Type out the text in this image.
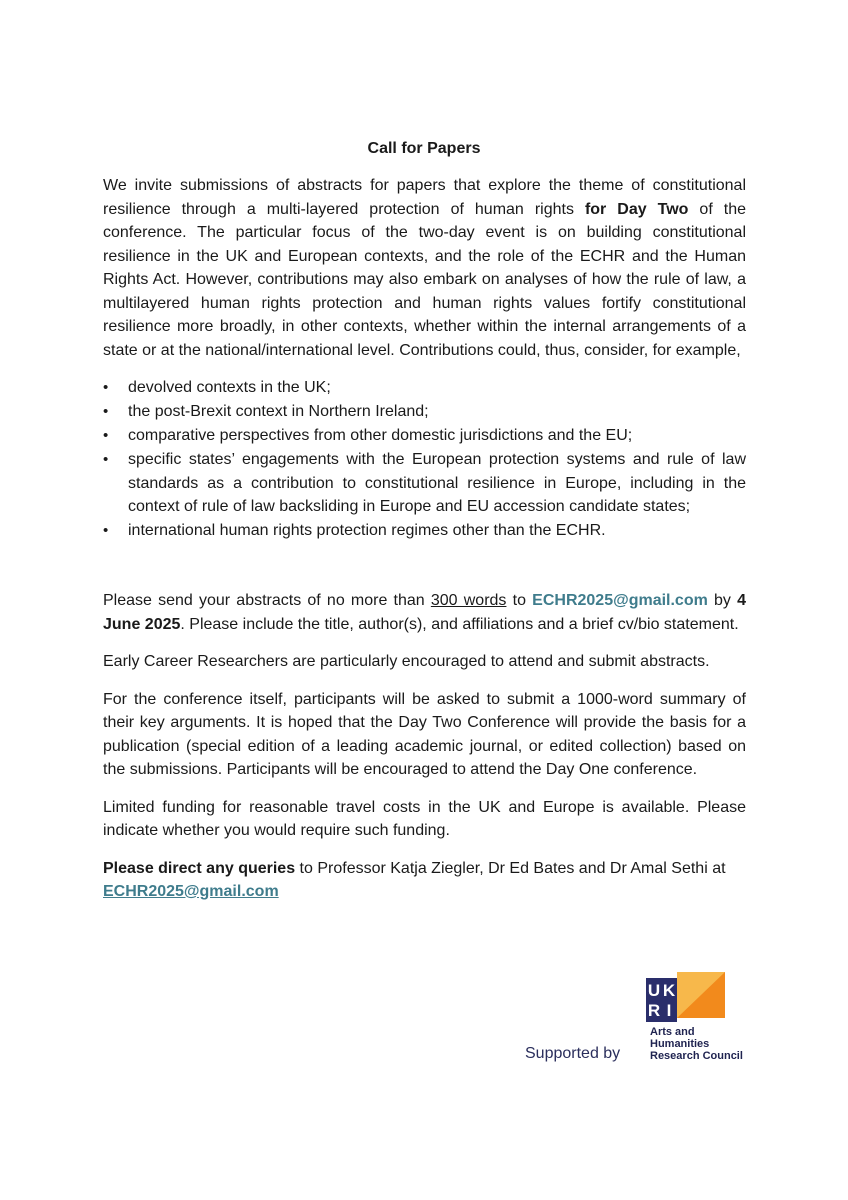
Call for Papers

We invite submissions of abstracts for papers that explore the theme of constitutional resilience through a multi-layered protection of human rights for Day Two of the conference. The particular focus of the two-day event is on building constitutional resilience in the UK and European contexts, and the role of the ECHR and the Human Rights Act. However, contributions may also embark on analyses of how the rule of law, a multilayered human rights protection and human rights values fortify constitutional resilience more broadly, in other contexts, whether within the internal arrangements of a state or at the national/international level. Contributions could, thus, consider, for example,

• devolved contexts in the UK;
• the post-Brexit context in Northern Ireland;
• comparative perspectives from other domestic jurisdictions and the EU;
• specific states’ engagements with the European protection systems and rule of law standards as a contribution to constitutional resilience in Europe, including in the context of rule of law backsliding in Europe and EU accession candidate states;
• international human rights protection regimes other than the ECHR.

Please send your abstracts of no more than 300 words to ECHR2025@gmail.com by 4 June 2025. Please include the title, author(s), and affiliations and a brief cv/bio statement.

Early Career Researchers are particularly encouraged to attend and submit abstracts.

For the conference itself, participants will be asked to submit a 1000-word summary of their key arguments. It is hoped that the Day Two Conference will provide the basis for a publication (special edition of a leading academic journal, or edited collection) based on the submissions. Participants will be encouraged to attend the Day One conference.

Limited funding for reasonable travel costs in the UK and Europe is available. Please indicate whether you would require such funding.

Please direct any queries to Professor Katja Ziegler, Dr Ed Bates and Dr Amal Sethi at
ECHR2025@gmail.com

Supported by
U K
R I
Arts and
Humanities
Research Council
